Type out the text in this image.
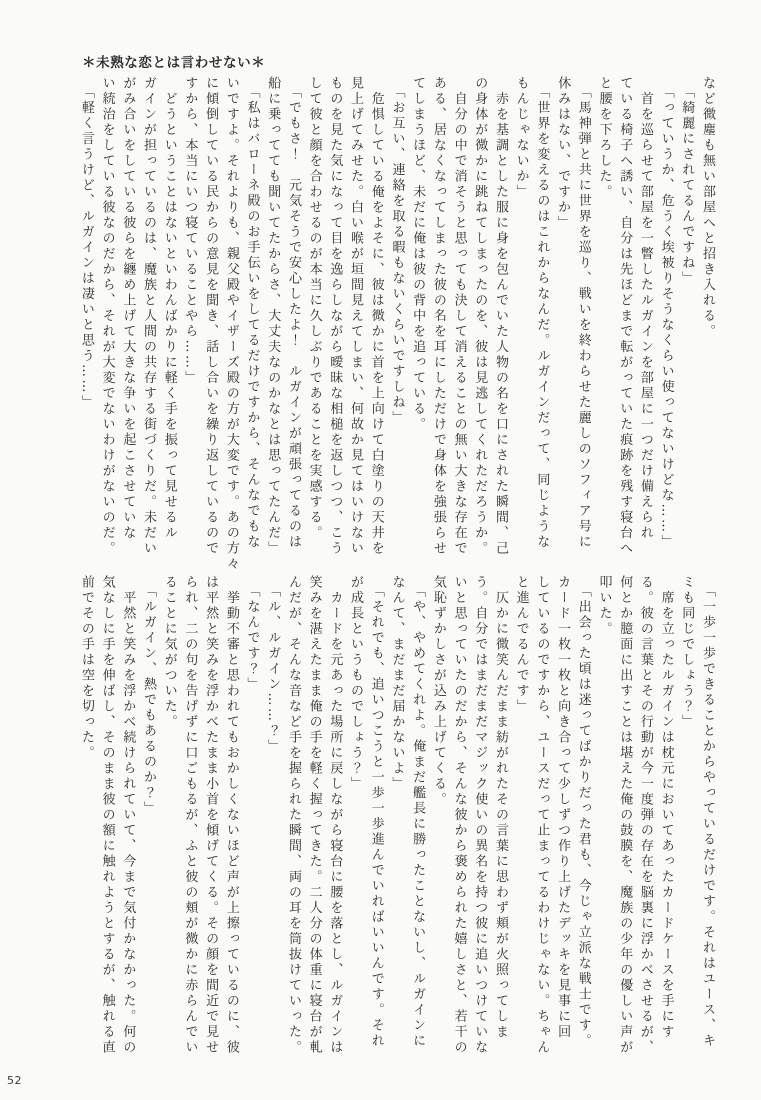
＊未熟な恋とは言わせない＊
など微塵も無い部屋へと招き入れる。
　「綺麗にされてるんですね」
　「っていうか、危うく埃被りそうなくらい使ってないけどな……」
　首を巡らせて部屋を一瞥したルガインを部屋に一つだけ備えられ
ている椅子へ誘い、自分は先ほどまで転がっていた痕跡を残す寝台へ
と腰を下ろした。
　「馬神弾と共に世界を巡り、戦いを終わらせた麗しのソフィア号に
休みはない、ですか」
　「世界を変えるのはこれからなんだ。ルガインだって、同じような
もんじゃないか」
　赤を基調とした服に身を包んでいた人物の名を口にされた瞬間、己
の身体が微かに跳ねてしまったのを、彼は見逃してくれただろうか。
　自分の中で消そうと思っても決して消えることの無い大きな存在で
ある、居なくなってしまった彼の名を耳にしただけで身体を強張らせ
てしまうほど、未だに俺は彼の背中を追っている。
　「お互い、連絡を取る暇もないくらいですしね」
　危惧している俺をよそに、彼は微かに首を上向けて白塗りの天井を
見上げてみせた。白い喉が垣間見えてしまい、何故か見てはいけない
ものを見た気になって目を逸らしながら曖昧な相槌を返しつつ、こう
して彼と顔を合わせるのが本当に久しぶりであることを実感する。
　「でもさ！　元気そうで安心したよ！　ルガインが頑張ってるのは
船に乗ってても聞いてたからさ、大丈夫なのかなとは思ってたんだ」
　「私はバローネ殿のお手伝いをしてるだけですから、そんなでもな
いですよ。それよりも、親父殿やイザーズ殿の方が大変です。あの方々
に傾倒している民からの意見を聞き、話し合いを繰り返しているので
すから、本当にいつ寝ていることやら……」
　どうということはないといわんばかりに軽く手を振って見せるル
ガインが担っているのは、魔族と人間の共存する街づくりだ。未だい
がみ合いをしている彼らを纏め上げて大きな争いを起こさせていな
い統治をしている彼なのだから、それが大変でないわけがないのだ。
　「軽く言うけど、ルガインは凄いと思う……」
　「一歩一歩できることからやっているだけです。それはユース、キ
ミも同じでしょう？」
　席を立ったルガインは枕元においてあったカードケースを手にす
る。彼の言葉とその行動が今一度弾の存在を脳裏に浮かべさせるが、
何とか臆面に出すことは堪えた俺の鼓膜を、魔族の少年の優しい声が
叩いた。
　「出会った頃は迷ってばかりだった君も、今じゃ立派な戦士です。
カード一枚一枚と向き合って少しずつ作り上げたデッキを見事に回
しているのですから、ユースだって止まってるわけじゃない。ちゃん
と進んでるんです」
　仄かに微笑んだまま紡がれたその言葉に思わず頬が火照ってしま
う。自分ではまだまだマジック使いの異名を持つ彼に追いつけていな
いと思っていたのだから、そんな彼から褒められた嬉しさと、若干の
気恥ずかしさが込み上げてくる。
　「や、やめてくれよ。俺まだ艦長に勝ったことないし、ルガインに
なんて、まだまだ届かないよ」
　「それでも、追いつこうと一歩一歩進んでいればいいんです。それ
が成長というものでしょう？」
　カードを元あった場所に戻しながら寝台に腰を落とし、ルガインは
笑みを湛えたまま俺の手を軽く握ってきた。二人分の体重に寝台が軋
んだが、そんな音など手を握られた瞬間、両の耳を筒抜けていった。
　「ル、ルガイン……？」
　「なんです？」
　挙動不審と思われてもおかしくないほど声が上擦っているのに、彼
は平然と笑みを浮かべたまま小首を傾げてくる。その顔を間近で見せ
られ、二の句を告げずに口ごもるが、ふと彼の頬が微かに赤らんでい
ることに気がついた。
　「ルガイン、熱でもあるのか？」
　平然と笑みを浮かべ続けられていて、今まで気付かなかった。何の
気なしに手を伸ばし、そのまま彼の額に触れようとするが、触れる直
前でその手は空を切った。
52
